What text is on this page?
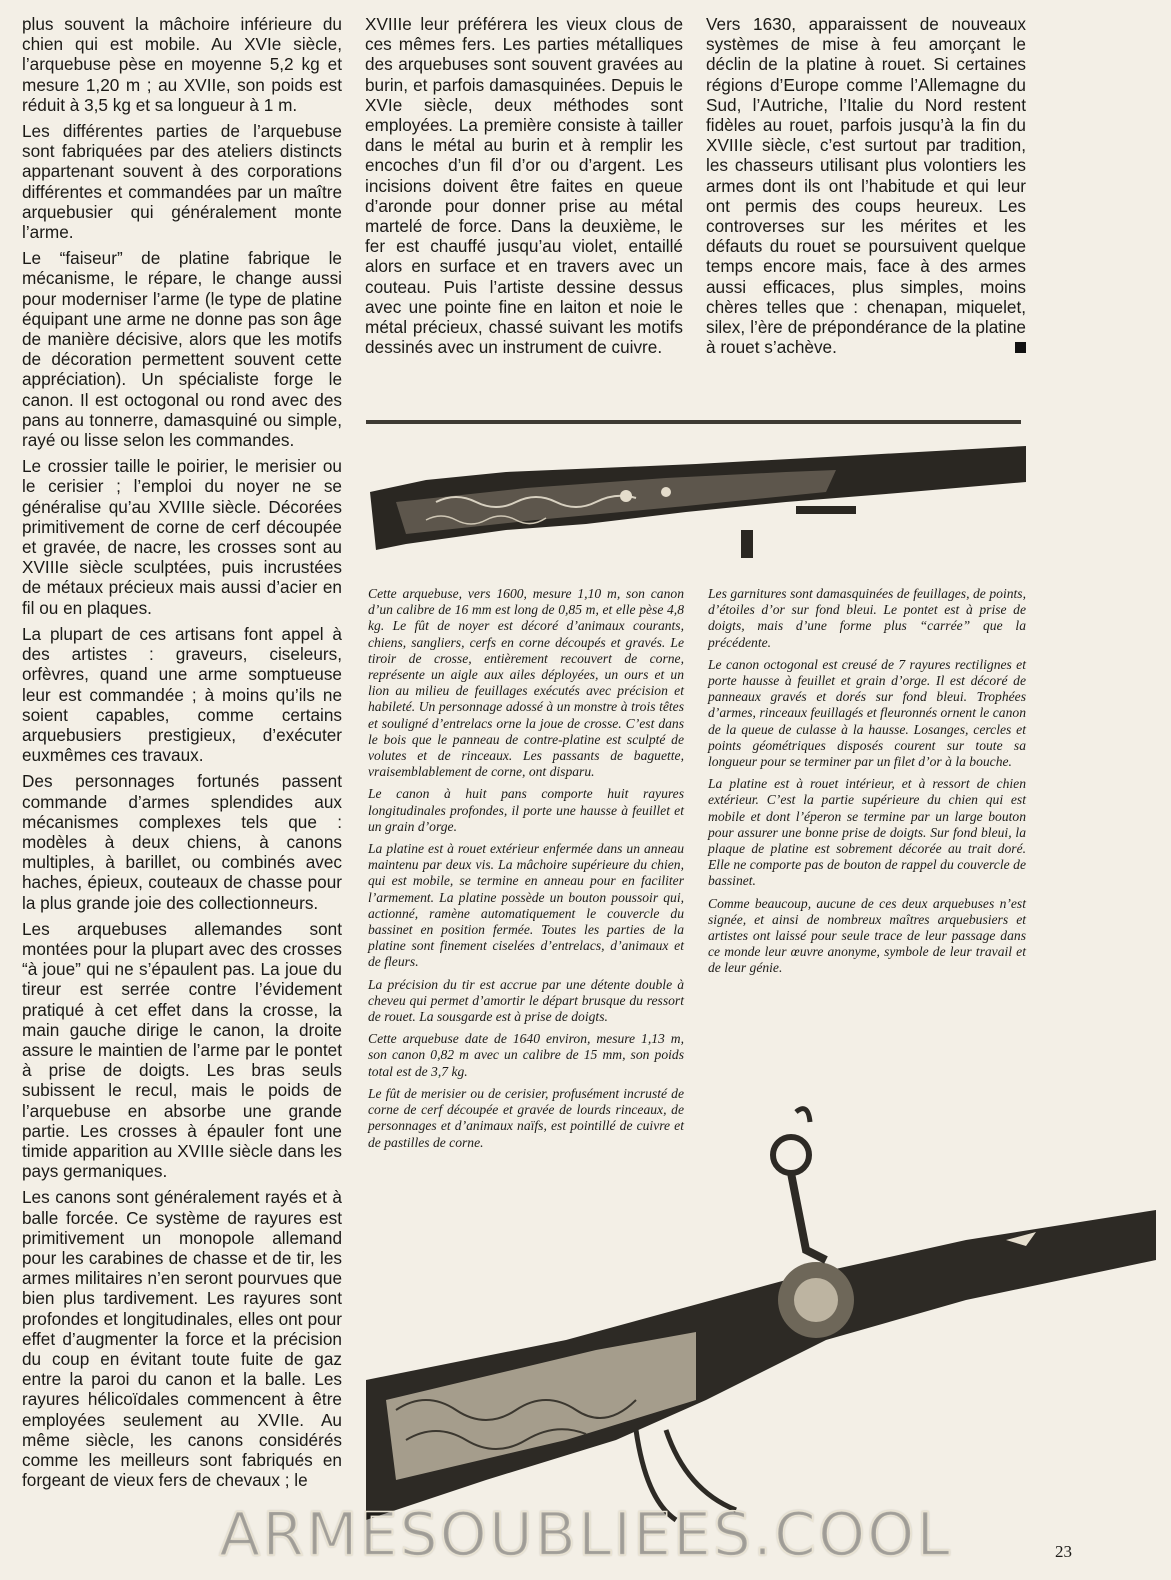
plus souvent la mâchoire inférieure du chien qui est mobile. Au XVIe siècle, l’arquebuse pèse en moyenne 5,2 kg et mesure 1,20 m ; au XVIIe, son poids est réduit à 3,5 kg et sa longueur à 1 m.

Les différentes parties de l’arquebuse sont fabriquées par des ateliers distincts appartenant souvent à des corporations différentes et commandées par un maître arquebusier qui généralement monte l’arme.

Le “faiseur” de platine fabrique le mécanisme, le répare, le change aussi pour moderniser l’arme (le type de platine équipant une arme ne donne pas son âge de manière décisive, alors que les motifs de décoration permettent souvent cette appréciation). Un spécialiste forge le canon. Il est octogonal ou rond avec des pans au tonnerre, damasquiné ou simple, rayé ou lisse selon les commandes.

Le crossier taille le poirier, le merisier ou le cerisier ; l’emploi du noyer ne se généralise qu’au XVIIIe siècle. Décorées primitivement de corne de cerf découpée et gravée, de nacre, les crosses sont au XVIIIe siècle sculptées, puis incrustées de métaux précieux mais aussi d’acier en fil ou en plaques.

La plupart de ces artisans font appel à des artistes : graveurs, ciseleurs, orfèvres, quand une arme somptueuse leur est commandée ; à moins qu’ils ne soient capables, comme certains arquebusiers prestigieux, d’exécuter euxmêmes ces travaux.

Des personnages fortunés passent commande d’armes splendides aux mécanismes complexes tels que : modèles à deux chiens, à canons multiples, à barillet, ou combinés avec haches, épieux, couteaux de chasse pour la plus grande joie des collectionneurs.

Les arquebuses allemandes sont montées pour la plupart avec des crosses “à joue” qui ne s’épaulent pas. La joue du tireur est serrée contre l’évidement pratiqué à cet effet dans la crosse, la main gauche dirige le canon, la droite assure le maintien de l’arme par le pontet à prise de doigts. Les bras seuls subissent le recul, mais le poids de l’arquebuse en absorbe une grande partie. Les crosses à épauler font une timide apparition au XVIIIe siècle dans les pays germaniques.

Les canons sont généralement rayés et à balle forcée. Ce système de rayures est primitivement un monopole allemand pour les carabines de chasse et de tir, les armes militaires n’en seront pourvues que bien plus tardivement. Les rayures sont profondes et longitudinales, elles ont pour effet d’augmenter la force et la précision du coup en évitant toute fuite de gaz entre la paroi du canon et la balle. Les rayures hélicoïdales commencent à être employées seulement au XVIIe. Au même siècle, les canons considérés comme les meilleurs sont fabriqués en forgeant de vieux fers de chevaux ; le

XVIIIe leur préférera les vieux clous de ces mêmes fers. Les parties métalliques des arquebuses sont souvent gravées au burin, et parfois damasquinées. Depuis le XVIe siècle, deux méthodes sont employées. La première consiste à tailler dans le métal au burin et à remplir les encoches d’un fil d’or ou d’argent. Les incisions doivent être faites en queue d’aronde pour donner prise au métal martelé de force. Dans la deuxième, le fer est chauffé jusqu’au violet, entaillé alors en surface et en travers avec un couteau. Puis l’artiste dessine dessus avec une pointe fine en laiton et noie le métal précieux, chassé suivant les motifs dessinés avec un instrument de cuivre.

Vers 1630, apparaissent de nouveaux systèmes de mise à feu amorçant le déclin de la platine à rouet. Si certaines régions d’Europe comme l’Allemagne du Sud, l’Autriche, l’Italie du Nord restent fidèles au rouet, parfois jusqu’à la fin du XVIIIe siècle, c’est surtout par tradition, les chasseurs utilisant plus volontiers les armes dont ils ont l’habitude et qui leur ont permis des coups heureux. Les controverses sur les mérites et les défauts du rouet se poursuivent quelque temps encore mais, face à des armes aussi efficaces, plus simples, moins chères telles que : chenapan, miquelet, silex, l’ère de prépondérance de la platine à rouet s’achève.

Cette arquebuse, vers 1600, mesure 1,10 m, son canon d’un calibre de 16 mm est long de 0,85 m, et elle pèse 4,8 kg. Le fût de noyer est décoré d’animaux courants, chiens, sangliers, cerfs en corne découpés et gravés. Le tiroir de crosse, entièrement recouvert de corne, représente un aigle aux ailes déployées, un ours et un lion au milieu de feuillages exécutés avec précision et habileté. Un personnage adossé à un monstre à trois têtes et souligné d’entrelacs orne la joue de crosse. C’est dans le bois que le panneau de contre-platine est sculpté de volutes et de rinceaux. Les passants de baguette, vraisemblablement de corne, ont disparu.

Le canon à huit pans comporte huit rayures longitudinales profondes, il porte une hausse à feuillet et un grain d’orge.

La platine est à rouet extérieur enfermée dans un anneau maintenu par deux vis. La mâchoire supérieure du chien, qui est mobile, se termine en anneau pour en faciliter l’armement. La platine possède un bouton poussoir qui, actionné, ramène automatiquement le couvercle du bassinet en position fermée. Toutes les parties de la platine sont finement ciselées d’entrelacs, d’animaux et de fleurs.

La précision du tir est accrue par une détente double à cheveu qui permet d’amortir le départ brusque du ressort de rouet. La sousgarde est à prise de doigts.

Cette arquebuse date de 1640 environ, mesure 1,13 m, son canon 0,82 m avec un calibre de 15 mm, son poids total est de 3,7 kg.

Le fût de merisier ou de cerisier, profusément incrusté de corne de cerf découpée et gravée de lourds rinceaux, de personnages et d’animaux naïfs, est pointillé de cuivre et de pastilles de corne.

Les garnitures sont damasquinées de feuillages, de points, d’étoiles d’or sur fond bleui. Le pontet est à prise de doigts, mais d’une forme plus “carrée” que la précédente.

Le canon octogonal est creusé de 7 rayures rectilignes et porte hausse à feuillet et grain d’orge. Il est décoré de panneaux gravés et dorés sur fond bleui. Trophées d’armes, rinceaux feuillagés et fleuronnés ornent le canon de la queue de culasse à la hausse. Losanges, cercles et points géométriques disposés courent sur toute sa longueur pour se terminer par un filet d’or à la bouche.

La platine est à rouet intérieur, et à ressort de chien extérieur. C’est la partie supérieure du chien qui est mobile et dont l’éperon se termine par un large bouton pour assurer une bonne prise de doigts. Sur fond bleui, la plaque de platine est sobrement décorée au trait doré. Elle ne comporte pas de bouton de rappel du couvercle de bassinet.

Comme beaucoup, aucune de ces deux arquebuses n’est signée, et ainsi de nombreux maîtres arquebusiers et artistes ont laissé pour seule trace de leur passage dans ce monde leur œuvre anonyme, symbole de leur travail et de leur génie.

ARMESOUBLIEES.COOL	23
